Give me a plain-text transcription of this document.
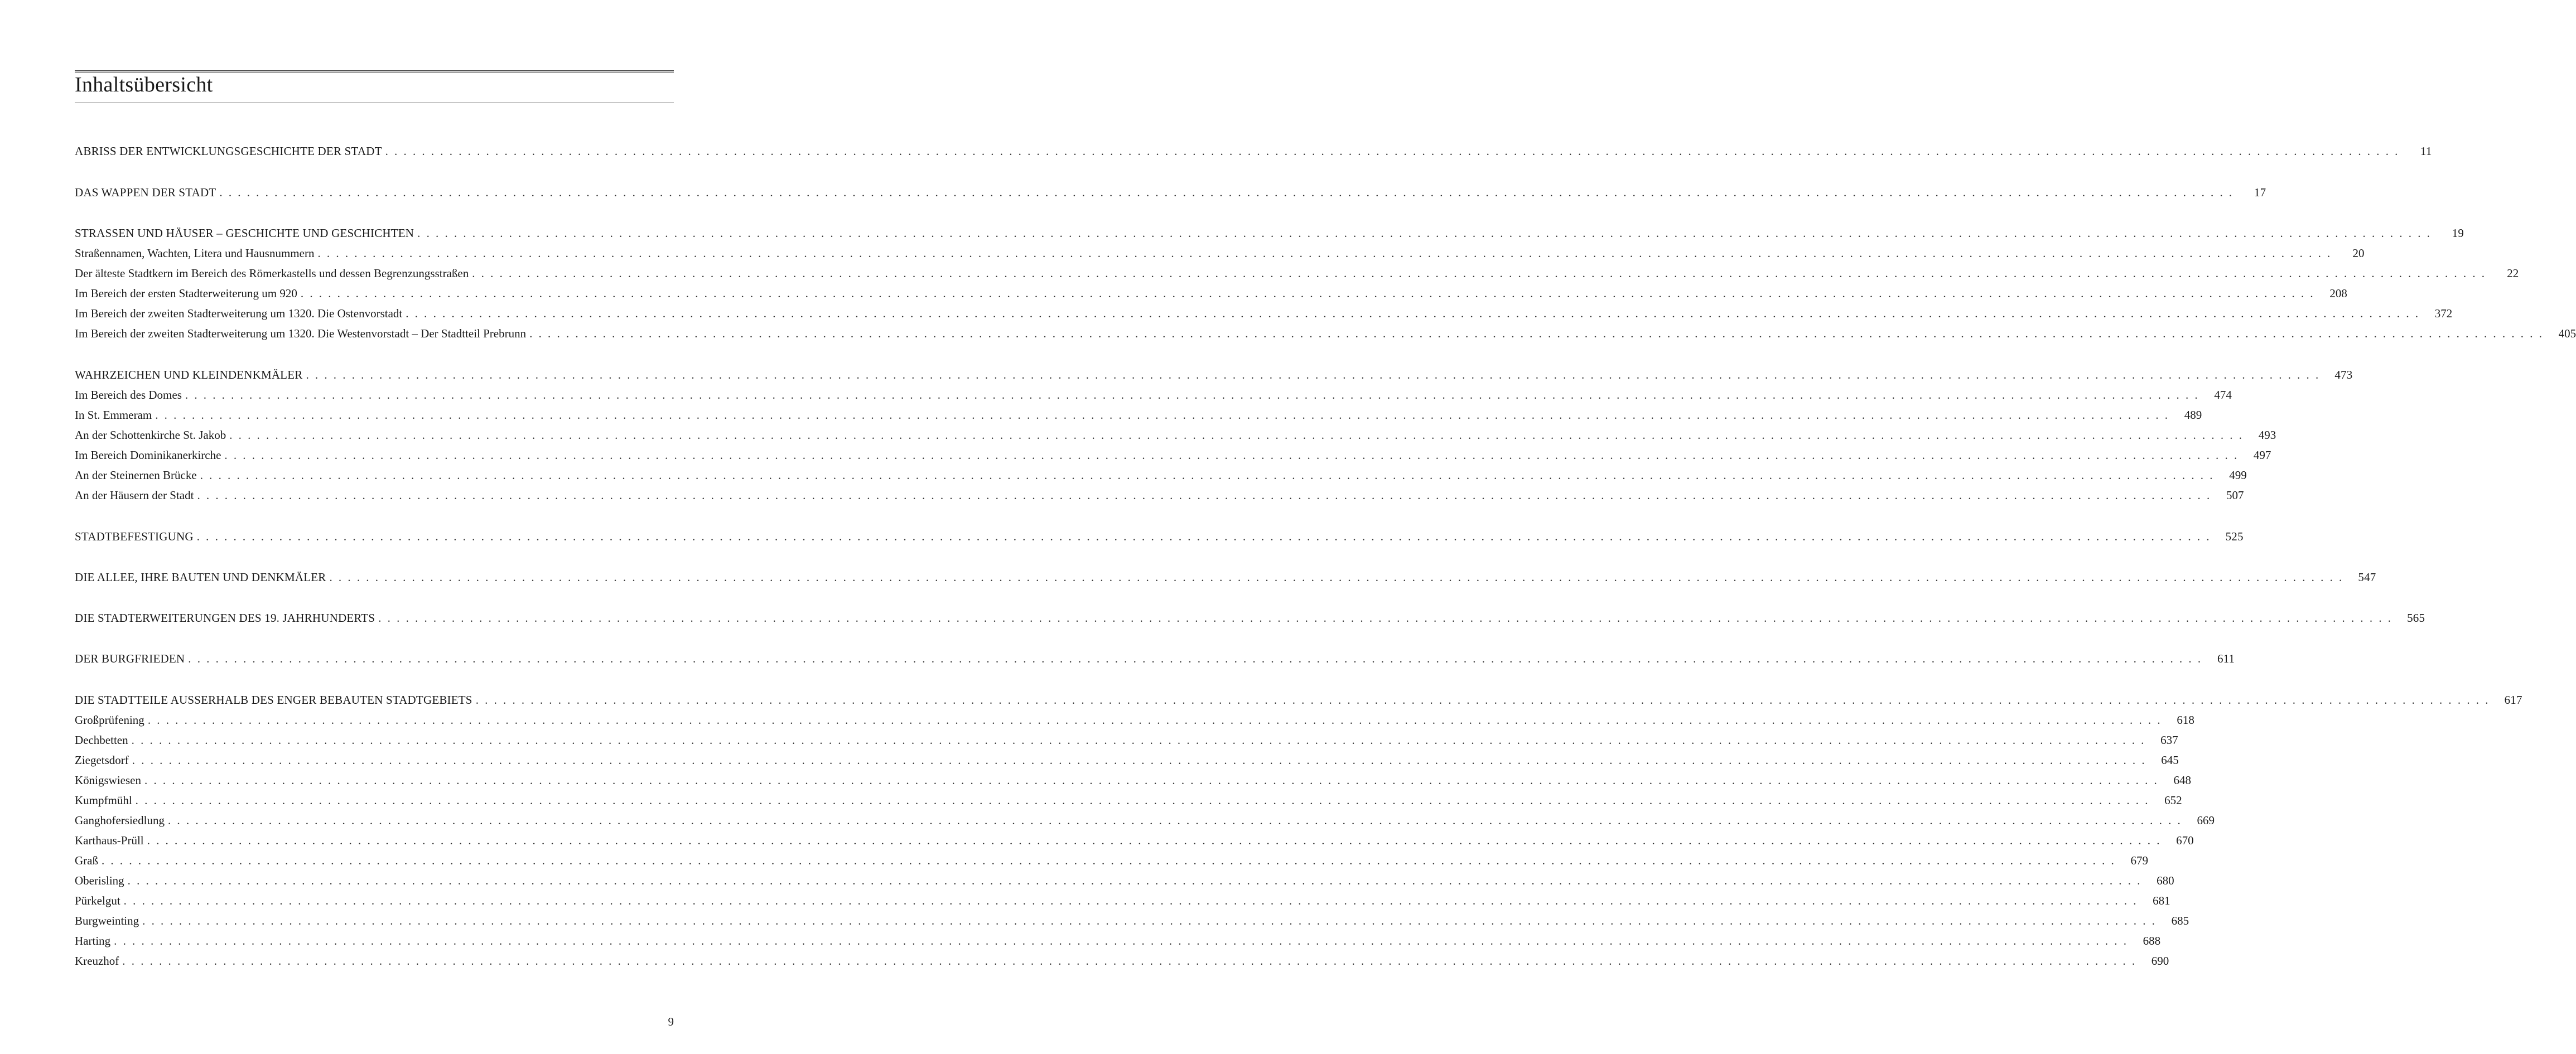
Inhaltsübersicht
ABRISS DER ENTWICKLUNGSGESCHICHTE DER STADT ............................................................................................................................................................................................................................	11
DAS WAPPEN DER STADT ............................................................................................................................................................................................................................	17
STRASSEN UND HÄUSER – GESCHICHTE UND GESCHICHTEN ............................................................................................................................................................................................................................	19
Straßennamen, Wachten, Litera und Hausnummern ............................................................................................................................................................................................................................	20
Der älteste Stadtkern im Bereich des Römerkastells und dessen Begrenzungsstraßen ............................................................................................................................................................................................................................	22
Im Bereich der ersten Stadterweiterung um 920 ............................................................................................................................................................................................................................ 208
Im Bereich der zweiten Stadterweiterung um 1320. Die Ostenvorstadt ............................................................................................................................................................................................................................ 372
Im Bereich der zweiten Stadterweiterung um 1320. Die Westenvorstadt – Der Stadtteil Prebrunn ............................................................................................................................................................................................................................ 405
WAHRZEICHEN UND KLEINDENKMÄLER ............................................................................................................................................................................................................................ 473
Im Bereich des Domes ............................................................................................................................................................................................................................ 474
In St. Emmeram ............................................................................................................................................................................................................................ 489
An der Schottenkirche St. Jakob ............................................................................................................................................................................................................................ 493
Im Bereich Dominikanerkirche ............................................................................................................................................................................................................................ 497
An der Steinernen Brücke ............................................................................................................................................................................................................................ 499
An der Häusern der Stadt ............................................................................................................................................................................................................................ 507
STADTBEFESTIGUNG ............................................................................................................................................................................................................................ 525
DIE ALLEE, IHRE BAUTEN UND DENKMÄLER ............................................................................................................................................................................................................................ 547
DIE STADTERWEITERUNGEN DES 19. JAHRHUNDERTS ............................................................................................................................................................................................................................ 565
DER BURGFRIEDEN ............................................................................................................................................................................................................................ 611
DIE STADTTEILE AUSSERHALB DES ENGER BEBAUTEN STADTGEBIETS ............................................................................................................................................................................................................................ 617
Großprüfening ............................................................................................................................................................................................................................ 618
Dechbetten ............................................................................................................................................................................................................................ 637
Ziegetsdorf ............................................................................................................................................................................................................................ 645
Königswiesen ............................................................................................................................................................................................................................ 648
Kumpfmühl ............................................................................................................................................................................................................................ 652
Ganghofersiedlung ............................................................................................................................................................................................................................ 669
Karthaus-Prüll ............................................................................................................................................................................................................................ 670
Graß ............................................................................................................................................................................................................................ 679
Oberisling ............................................................................................................................................................................................................................ 680
Pürkelgut ............................................................................................................................................................................................................................ 681
Burgweinting ............................................................................................................................................................................................................................ 685
Harting ............................................................................................................................................................................................................................ 688
Kreuzhof ............................................................................................................................................................................................................................ 690
9
